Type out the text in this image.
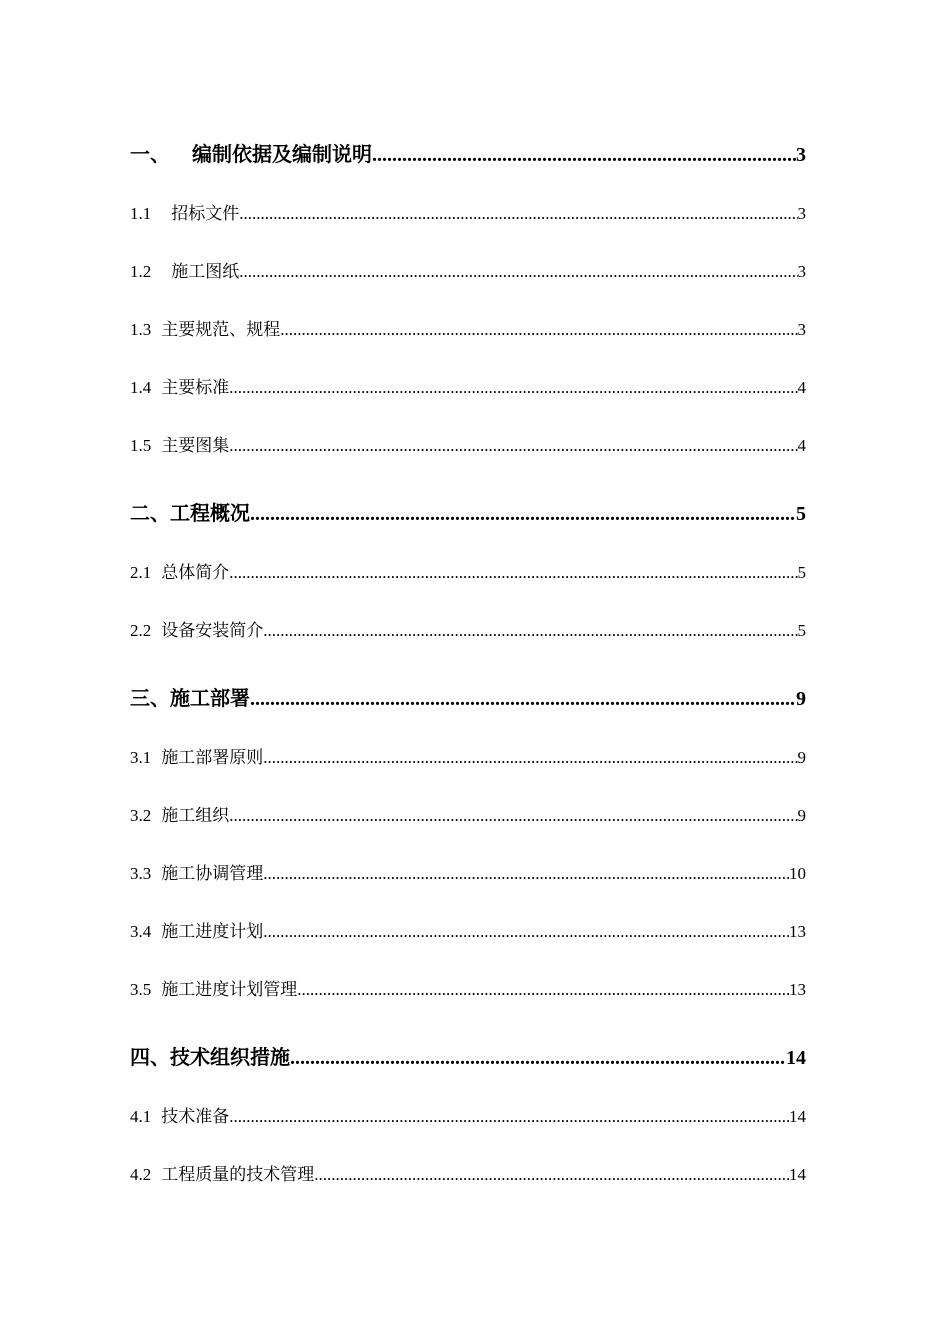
一、 编制依据及编制说明 .....	3
1.1 招标文件 .....	3
1.2 施工图纸 .....	3
1.3 主要规范、规程 .....	3
1.4 主要标准 .....	4
1.5 主要图集 .....	4
二、 工程概况 .....	5
2.1 总体简介 .....	5
2.2 设备安装简介 .....	5
三、 施工部署 .....	9
3.1 施工部署原则 .....	9
3.2 施工组织 .....	9
3.3 施工协调管理 .....	10
3.4 施工进度计划 .....	13
3.5 施工进度计划管理 .....	13
四、 技术组织措施 .....	14
4.1 技术准备 .....	14
4.2 工程质量的技术管理 .....	14
